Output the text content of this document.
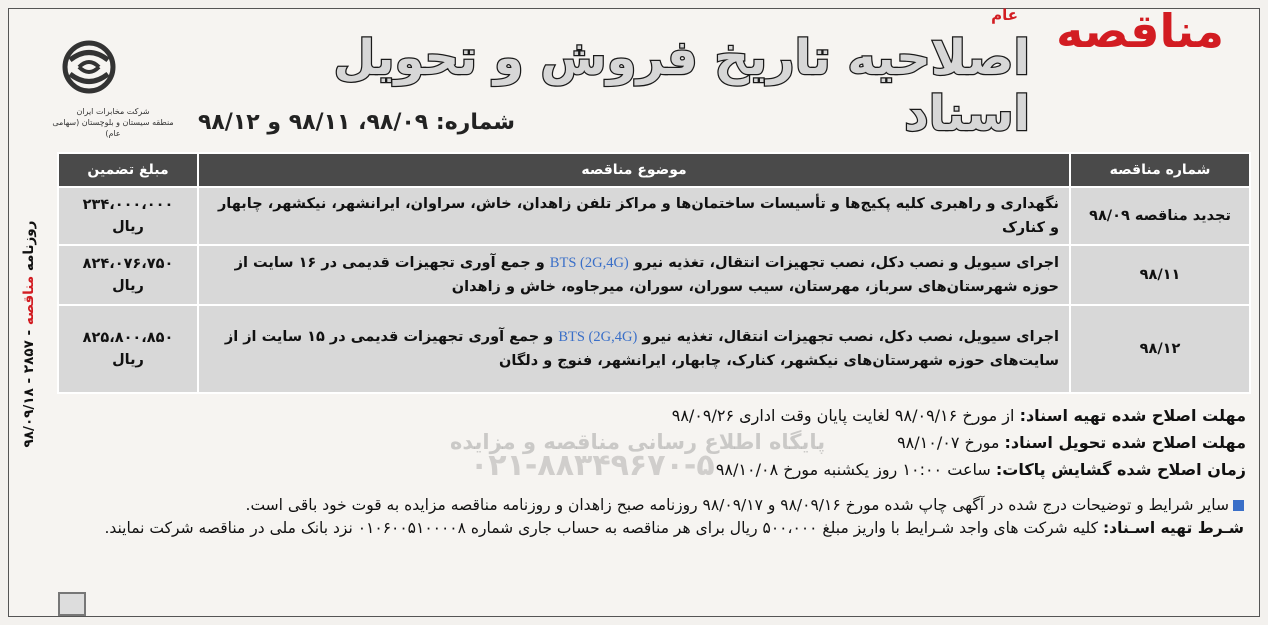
شرکت مخابرات ایران
منطقه سیستان و بلوچستان (سهامی عام)
عام مناقصه
اصلاحیه تاریخ فروش و تحویل اسناد
شماره: ۹۸/۰۹، ۹۸/۱۱ و ۹۸/۱۲
شماره مناقصه	موضوع مناقصه	مبلغ تضمین
تجدید مناقصه ۹۸/۰۹	نگهداری و راهبری کلیه پکیج‌ها و تأسیسات ساختمان‌ها و مراکز تلفن زاهدان، خاش، سراوان، ایرانشهر، نیکشهر، چابهار و کنارک	۲۳۴،۰۰۰،۰۰۰
ریال

۹۸/۱۱	اجرای سیویل و نصب دکل، نصب تجهیزات انتقال، تغذیه نیرو BTS (2G,4G) و جمع آوری تجهیزات قدیمی در ۱۶ سایت از حوزه شهرستان‌های سرباز، مهرستان، سیب سوران، سوران، میرجاوه، خاش و زاهدان	۸۲۴،۰۷۶،۷۵۰
ریال

۹۸/۱۲	اجرای سیویل، نصب دکل، نصب تجهیزات انتقال، تغذیه نیرو BTS (2G,4G) و جمع آوری تجهیزات قدیمی در ۱۵ سایت از از سایت‌های حوزه شهرستان‌های نیکشهر، کنارک، چابهار، ایرانشهر، فنوج و دلگان	۸۲۵،۸۰۰،۸۵۰
ریال
پایگاه اطلاع رسانی مناقصه و مزایده
۰۲۱-۸۸۳۴۹۶۷۰-۵
مهلت اصلاح شده تهیه اسناد: از مورخ ۹۸/۰۹/۱۶ لغایت پایان وقت اداری ۹۸/۰۹/۲۶
مهلت اصلاح شده تحویل اسناد: مورخ ۹۸/۱۰/۰۷
زمان اصلاح شده گشایش پاکات: ساعت ۱۰:۰۰ روز یکشنبه مورخ ۹۸/۱۰/۰۸
سایر شرایط و توضیحات درج شده در آگهی چاپ شده مورخ ۹۸/۰۹/۱۶ و ۹۸/۰۹/۱۷ روزنامه صبح زاهدان و روزنامه مناقصه مزایده به قوت خود باقی است.
شـرط تهیه اسـناد: کلیه شرکت های واجد شـرایط با واریز مبلغ ۵۰۰،۰۰۰ ریال برای هر مناقصه به حساب جاری شماره ۰۱۰۶۰۰۵۱۰۰۰۰۸ نزد بانک ملی در مناقصه شرکت نمایند.
روزنامه مناقصه - ۲۸۵۷ - ۹۸/۰۹/۱۸
